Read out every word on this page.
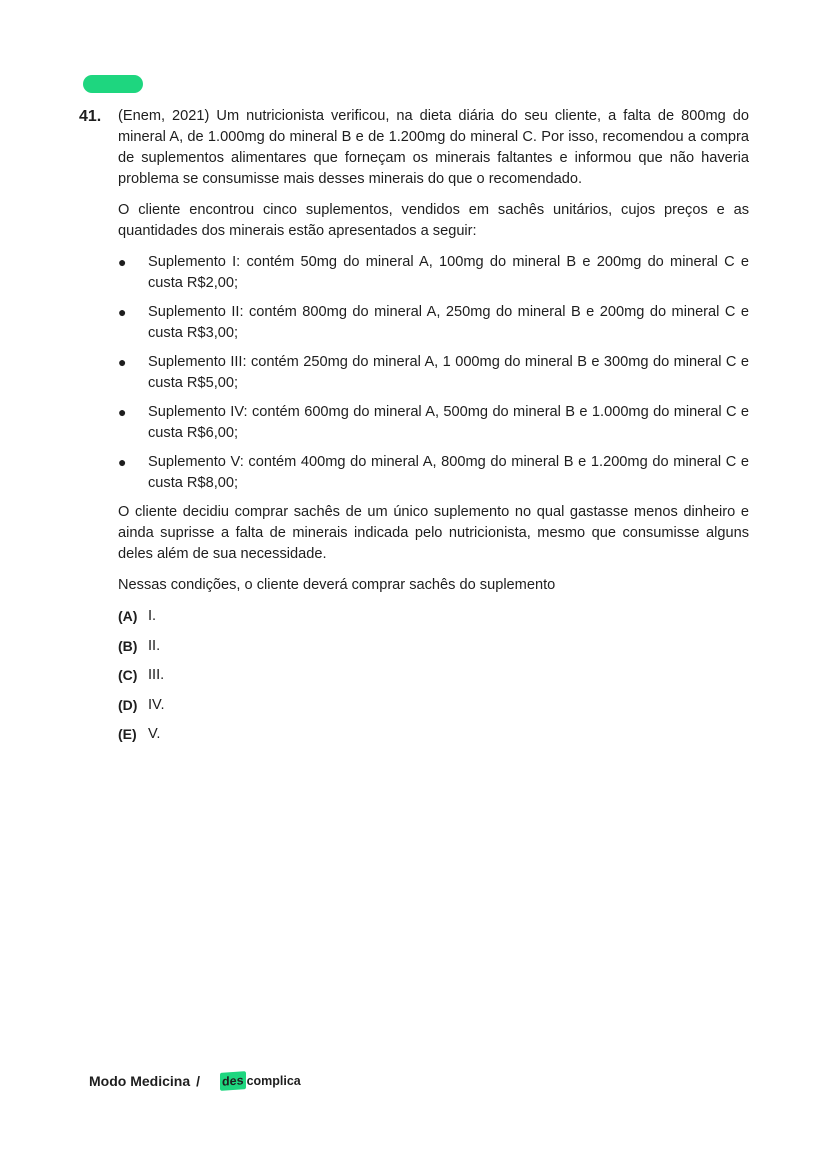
41. (Enem, 2021) Um nutricionista verificou, na dieta diária do seu cliente, a falta de 800mg do mineral A, de 1.000mg do mineral B e de 1.200mg do mineral C. Por isso, recomendou a compra de suplementos alimentares que forneçam os minerais faltantes e informou que não haveria problema se consumisse mais desses minerais do que o recomendado.

O cliente encontrou cinco suplementos, vendidos em sachês unitários, cujos preços e as quantidades dos minerais estão apresentados a seguir:

● Suplemento I: contém 50mg do mineral A, 100mg do mineral B e 200mg do mineral C e custa R$2,00;
● Suplemento II: contém 800mg do mineral A, 250mg do mineral B e 200mg do mineral C e custa R$3,00;
● Suplemento III: contém 250mg do mineral A, 1 000mg do mineral B e 300mg do mineral C e custa R$5,00;
● Suplemento IV: contém 600mg do mineral A, 500mg do mineral B e 1.000mg do mineral C e custa R$6,00;
● Suplemento V: contém 400mg do mineral A, 800mg do mineral B e 1.200mg do mineral C e custa R$8,00;

O cliente decidiu comprar sachês de um único suplemento no qual gastasse menos dinheiro e ainda suprisse a falta de minerais indicada pelo nutricionista, mesmo que consumisse alguns deles além de sua necessidade.

Nessas condições, o cliente deverá comprar sachês do suplemento

(A) I.
(B) II.
(C) III.
(D) IV.
(E) V.
Modo Medicina / des complica
